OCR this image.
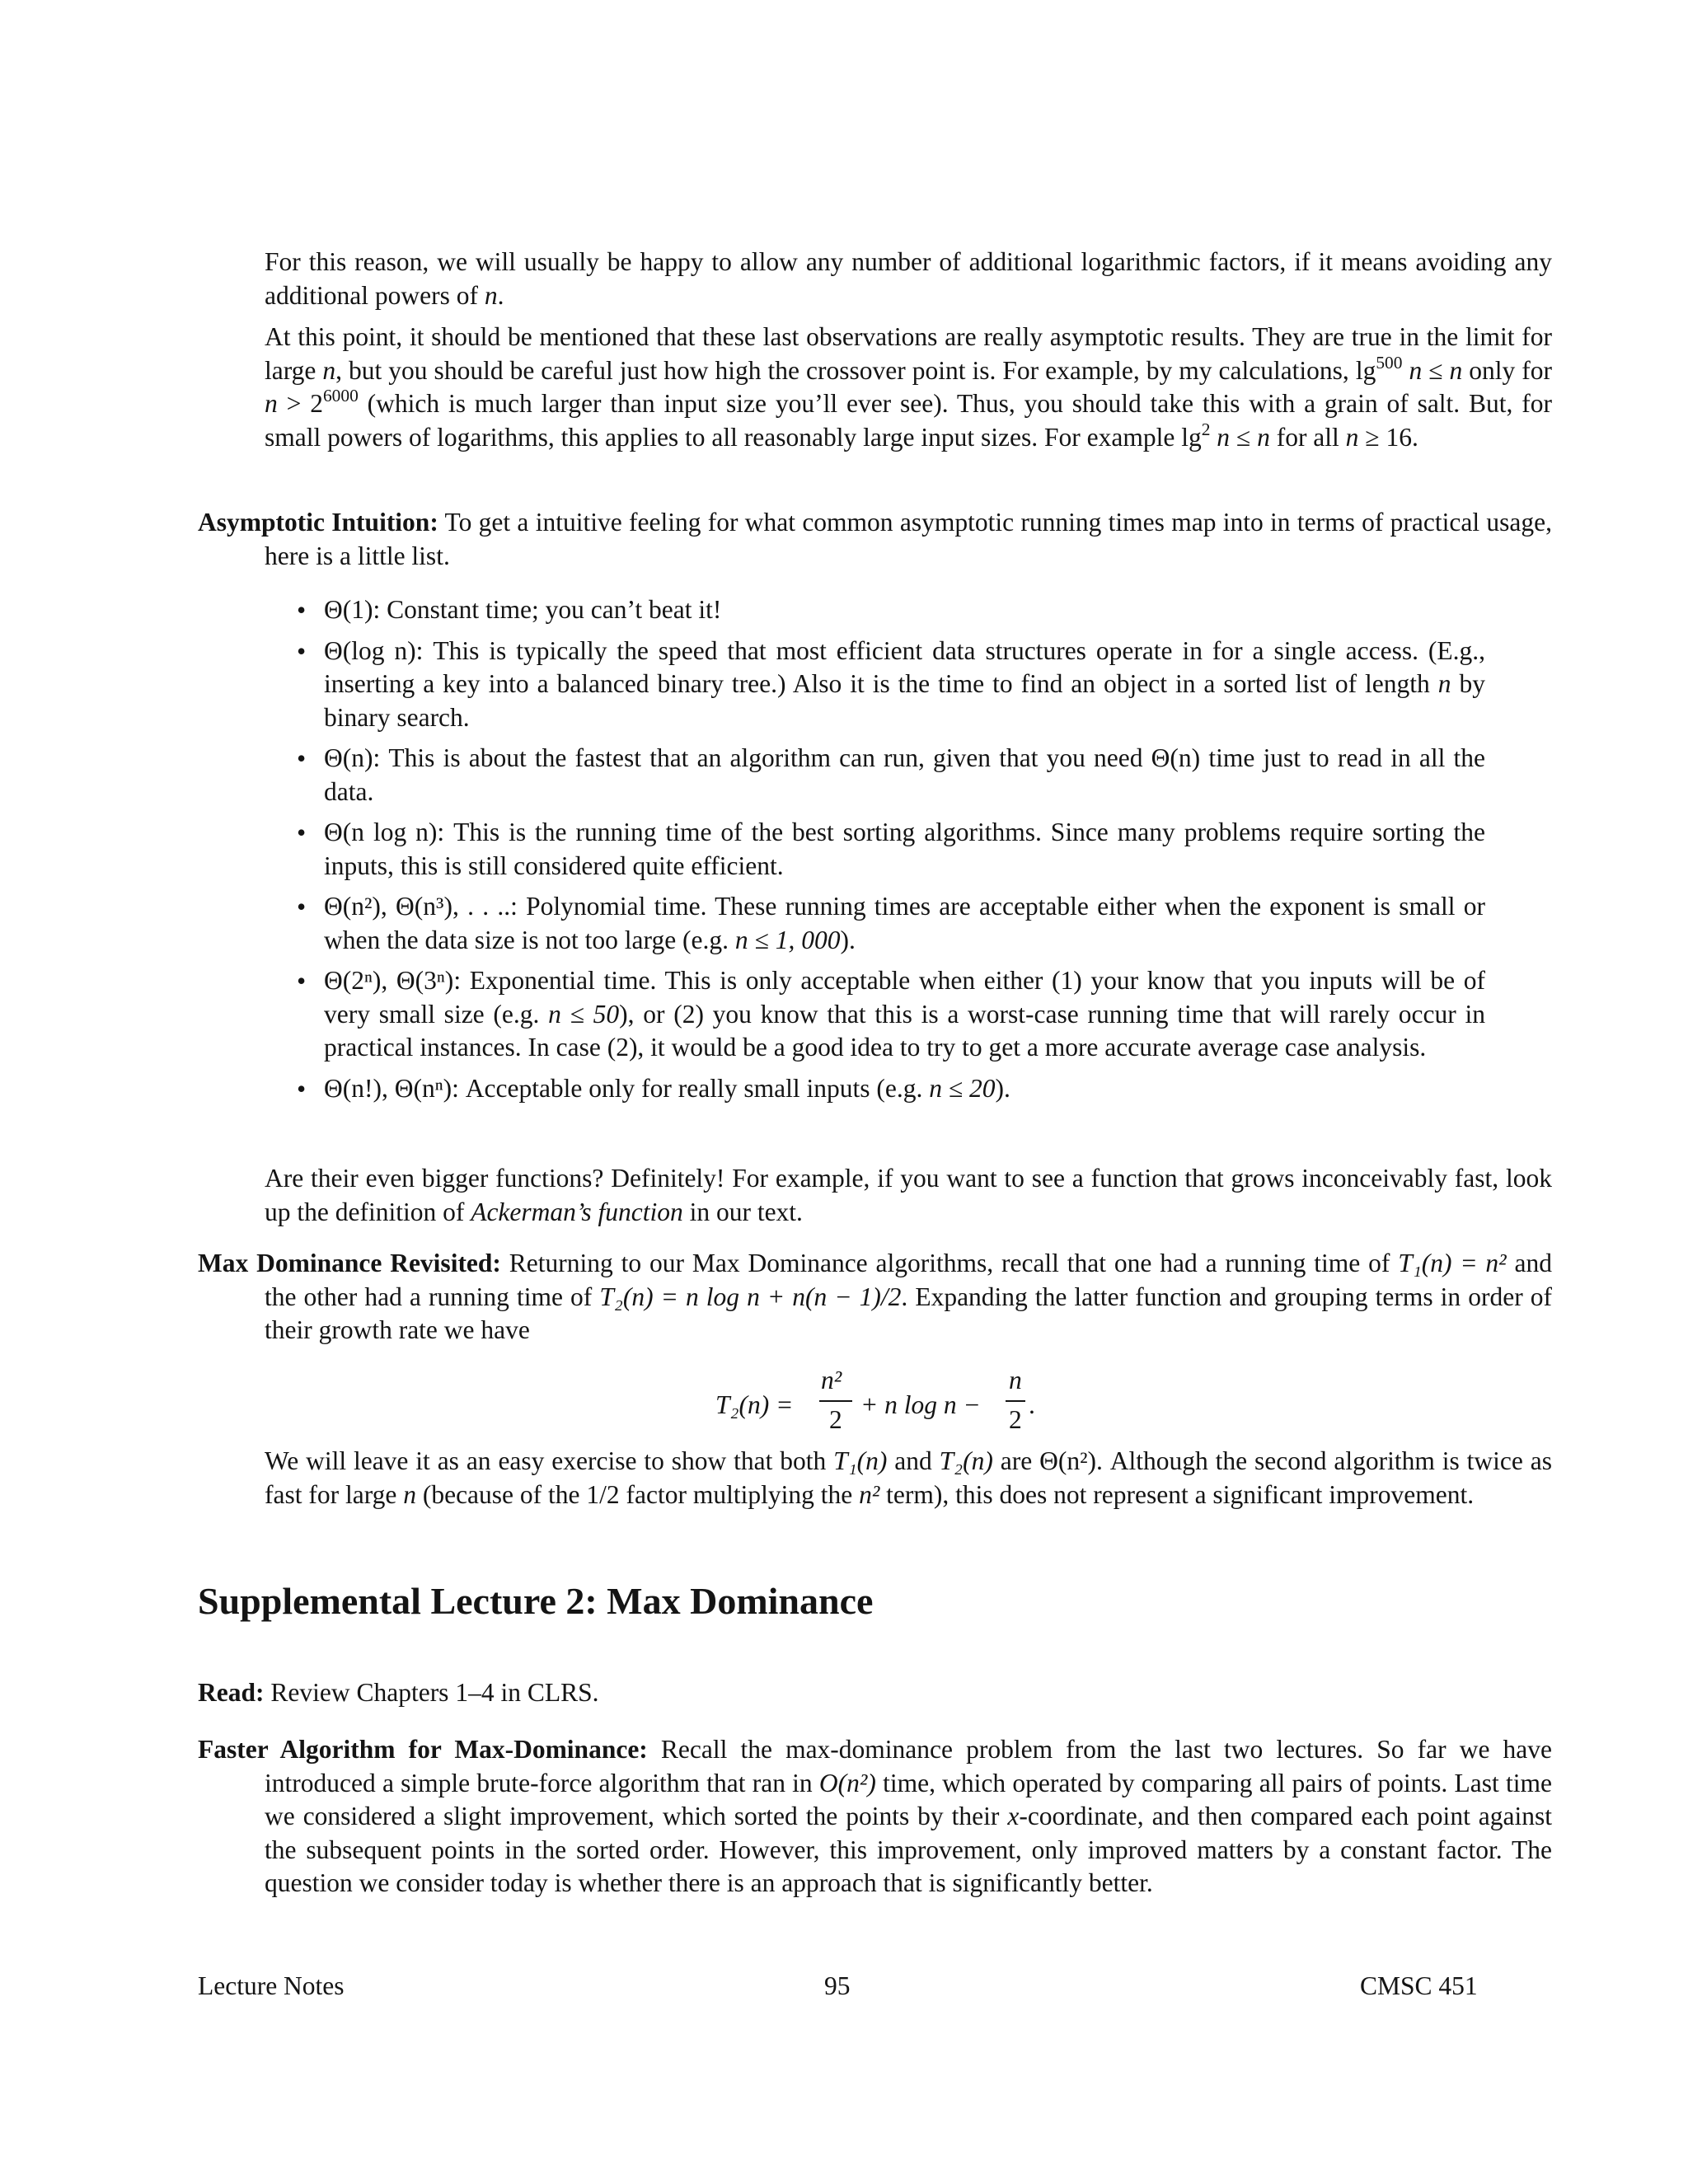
For this reason, we will usually be happy to allow any number of additional logarithmic factors, if it means avoiding any additional powers of n.

At this point, it should be mentioned that these last observations are really asymptotic results. They are true in the limit for large n, but you should be careful just how high the crossover point is. For example, by my calculations, $\lg^{500} n \le n$ only for $n > 2^{6000}$ (which is much larger than input size you’ll ever see). Thus, you should take this with a grain of salt. But, for small powers of logarithms, this applies to all reasonably large input sizes. For example $\lg^2 n \le n$ for all n ≥ 16.

Asymptotic Intuition: To get a intuitive feeling for what common asymptotic running times map into in terms of practical usage, here is a little list.

• Θ(1): Constant time; you can’t beat it!
• Θ(log n): This is typically the speed that most efficient data structures operate in for a single access. (E.g., inserting a key into a balanced binary tree.) Also it is the time to find an object in a sorted list of length n by binary search.
• Θ(n): This is about the fastest that an algorithm can run, given that you need Θ(n) time just to read in all the data.
• Θ(n log n): This is the running time of the best sorting algorithms. Since many problems require sorting the inputs, this is still considered quite efficient.
• Θ(n²), Θ(n³), . . ..: Polynomial time. These running times are acceptable either when the exponent is small or when the data size is not too large (e.g. n ≤ 1, 000).
• Θ(2ⁿ), Θ(3ⁿ): Exponential time. This is only acceptable when either (1) your know that you inputs will be of very small size (e.g. n ≤ 50), or (2) you know that this is a worst-case running time that will rarely occur in practical instances. In case (2), it would be a good idea to try to get a more accurate average case analysis.
• Θ(n!), Θ(nⁿ): Acceptable only for really small inputs (e.g. n ≤ 20).

Are their even bigger functions? Definitely! For example, if you want to see a function that grows inconceivably fast, look up the definition of Ackerman’s function in our text.

Max Dominance Revisited: Returning to our Max Dominance algorithms, recall that one had a running time of T₁(n) = n² and the other had a running time of T₂(n) = n log n + n(n − 1)/2. Expanding the latter function and grouping terms in order of their growth rate we have

T₂(n) =
n²
2
+ n log n −
n
2
.

We will leave it as an easy exercise to show that both T₁(n) and T₂(n) are Θ(n²). Although the second algorithm is twice as fast for large n (because of the 1/2 factor multiplying the n² term), this does not represent a significant improvement.

Supplemental Lecture 2: Max Dominance

Read: Review Chapters 1–4 in CLRS.

Faster Algorithm for Max-Dominance: Recall the max-dominance problem from the last two lectures. So far we have introduced a simple brute-force algorithm that ran in O(n²) time, which operated by comparing all pairs of points. Last time we considered a slight improvement, which sorted the points by their x-coordinate, and then compared each point against the subsequent points in the sorted order. However, this improvement, only improved matters by a constant factor. The question we consider today is whether there is an approach that is significantly better.

Lecture Notes	95	CMSC 451
